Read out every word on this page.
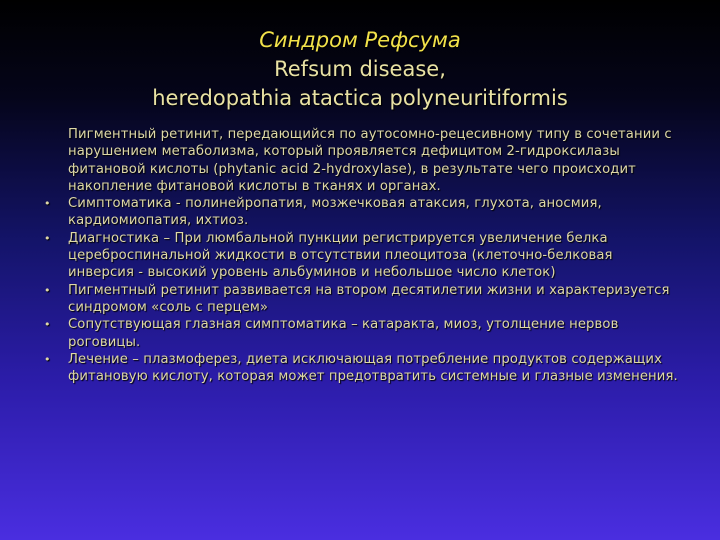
Синдром Рефсума
Refsum disease,
heredopathia atactica polyneuritiformis
Пигментный ретинит, передающийся по аутосомно-рецесивному типу в сочетании с нарушением метаболизма, который проявляется дефицитом 2-гидроксилазы фитановой кислоты (phytanic acid 2-hydroxylase), в результате чего происходит накопление фитановой кислоты в тканях и органах.
• Симптоматика - полинейропатия, мозжечковая атаксия, глухота, аносмия, кардиомиопатия, ихтиоз.
• Диагностика – При люмбальной пункции регистрируется увеличение белка цереброспинальной жидкости в отсутствии плеоцитоза (клеточно-белковая инверсия - высокий уровень альбуминов и небольшое число клеток)
• Пигментный ретинит развивается на втором десятилетии жизни и характеризуется синдромом «соль с перцем»
• Сопутствующая глазная симптоматика – катаракта, миоз, утолщение нервов роговицы.
• Лечение – плазмоферез, диета исключающая потребление продуктов содержащих фитановую кислоту, которая может предотвратить системные и глазные изменения.
